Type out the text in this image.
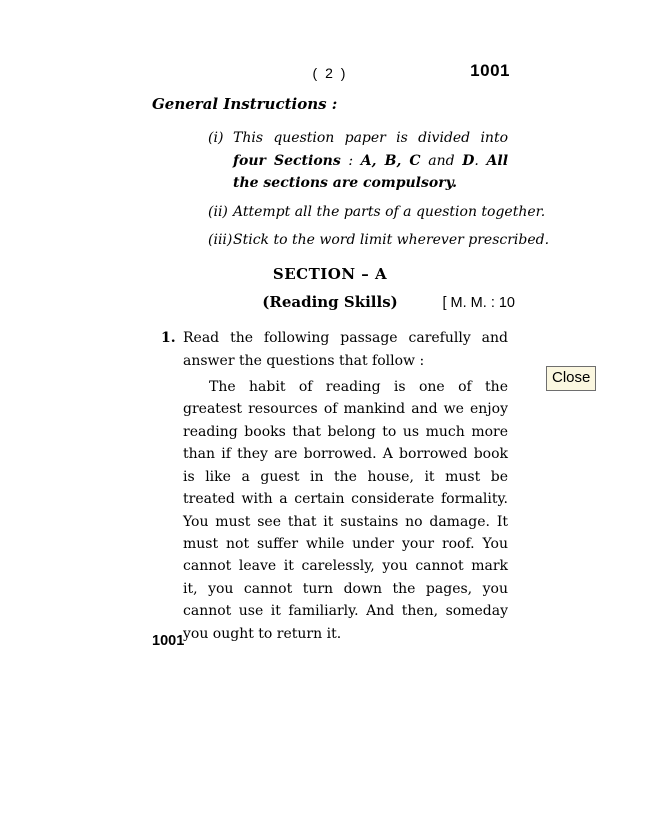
( 2 )	1001
General Instructions :
(i) This question paper is divided into four Sections : A, B, C and D. All the sections are compulsory.
(ii) Attempt all the parts of a question together.
(iii) Stick to the word limit wherever prescribed.
SECTION – A
(Reading Skills)	[ M. M. : 10
1. Read the following passage carefully and answer the questions that follow :

The habit of reading is one of the greatest resources of mankind and we enjoy reading books that belong to us much more than if they are borrowed. A borrowed book is like a guest in the house, it must be treated with a certain considerate formality. You must see that it sustains no damage. It must not suffer while under your roof. You cannot leave it carelessly, you cannot mark it, you cannot turn down the pages, you cannot use it familiarly. And then, someday you ought to return it.

1001
Close
